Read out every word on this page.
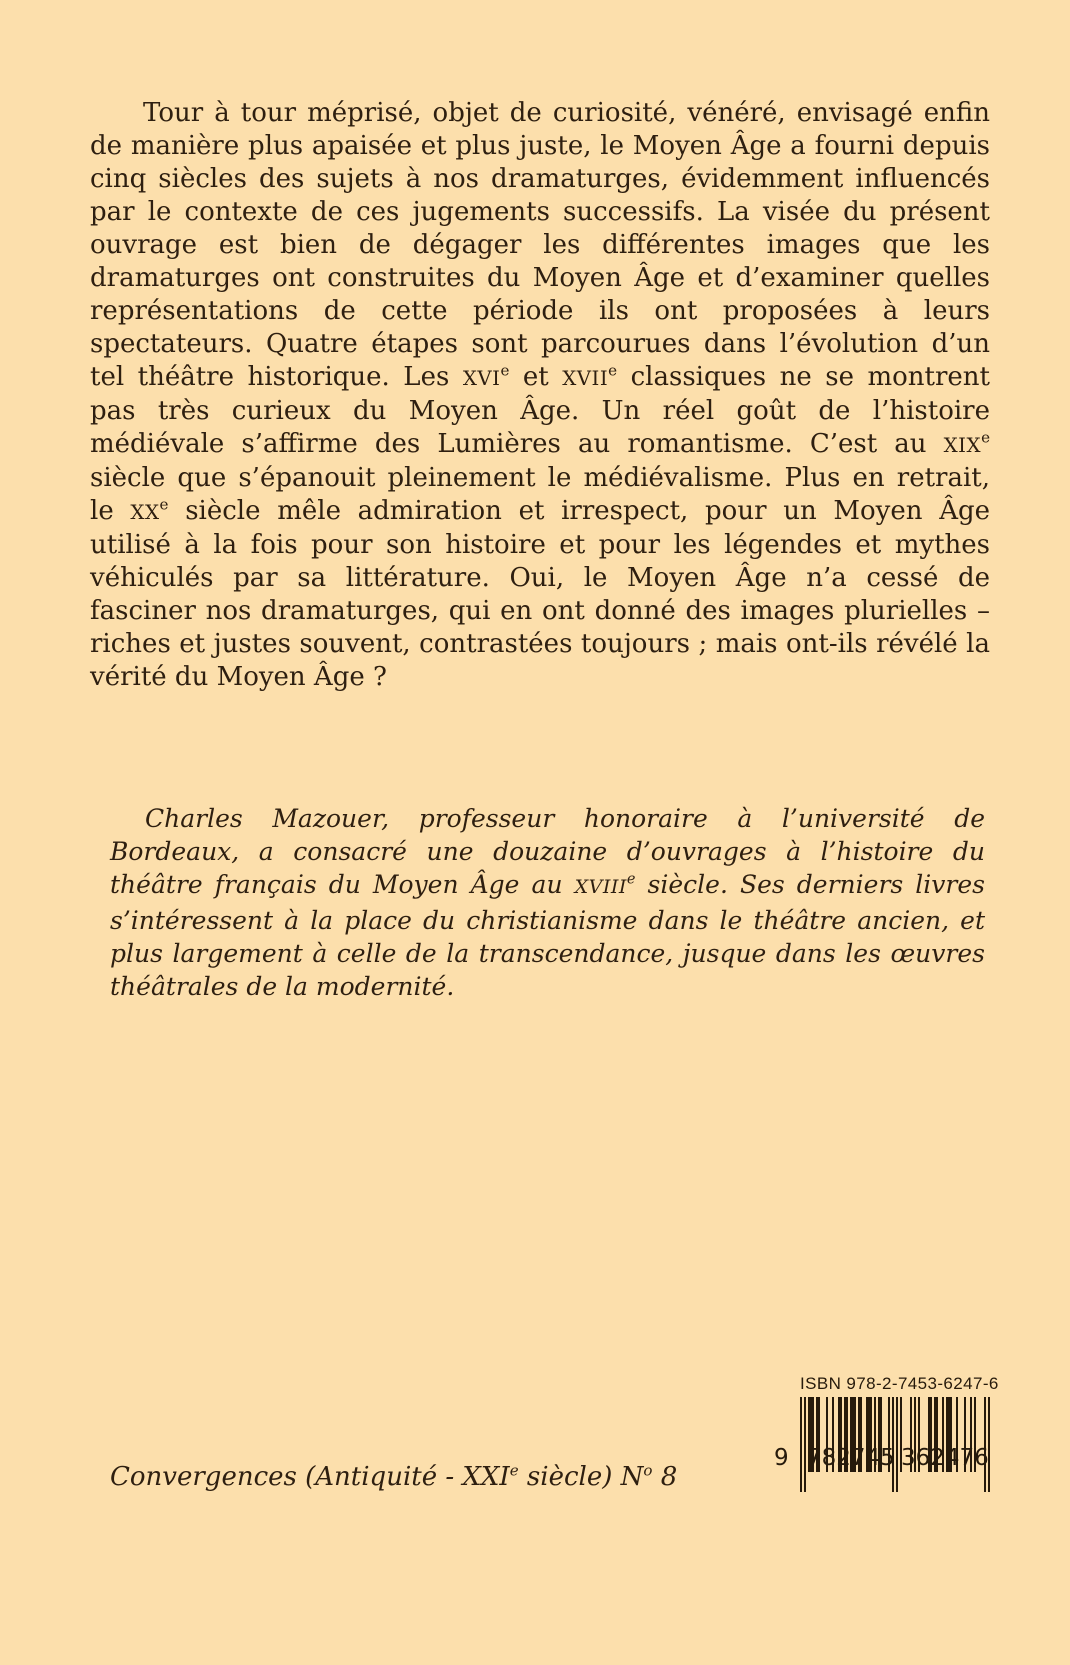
Tour à tour méprisé, objet de curiosité, vénéré, envisagé enfin de manière plus apaisée et plus juste, le Moyen Âge a fourni depuis cinq siècles des sujets à nos dramaturges, évidemment influencés par le contexte de ces jugements successifs. La visée du présent ouvrage est bien de dégager les différentes images que les dramaturges ont construites du Moyen Âge et d’examiner quelles représentations de cette période ils ont proposées à leurs spectateurs. Quatre étapes sont parcourues dans l’évolution d’un tel théâtre historique. Les XVIe et XVIIe classiques ne se montrent pas très curieux du Moyen Âge. Un réel goût de l’histoire médiévale s’affirme des Lumières au romantisme. C’est au XIXe siècle que s’épanouit pleinement le médiévalisme. Plus en retrait, le XXe siècle mêle admiration et irrespect, pour un Moyen Âge utilisé à la fois pour son histoire et pour les légendes et mythes véhiculés par sa littérature. Oui, le Moyen Âge n’a cessé de fasciner nos dramaturges, qui en ont donné des images plurielles – riches et justes souvent, contrastées toujours ; mais ont-ils révélé la vérité du Moyen Âge ?

Charles Mazouer, professeur honoraire à l’université de Bordeaux, a consacré une douzaine d’ouvrages à l’histoire du théâtre français du Moyen Âge au XVIIIe siècle. Ses derniers livres s’intéressent à la place du christianisme dans le théâtre ancien, et plus largement à celle de la transcendance, jusque dans les œuvres théâtrales de la modernité.

Convergences (Antiquité - XXIe siècle) $N^o$ 8

ISBN 978-2-7453-6247-6
9 782745 362476
